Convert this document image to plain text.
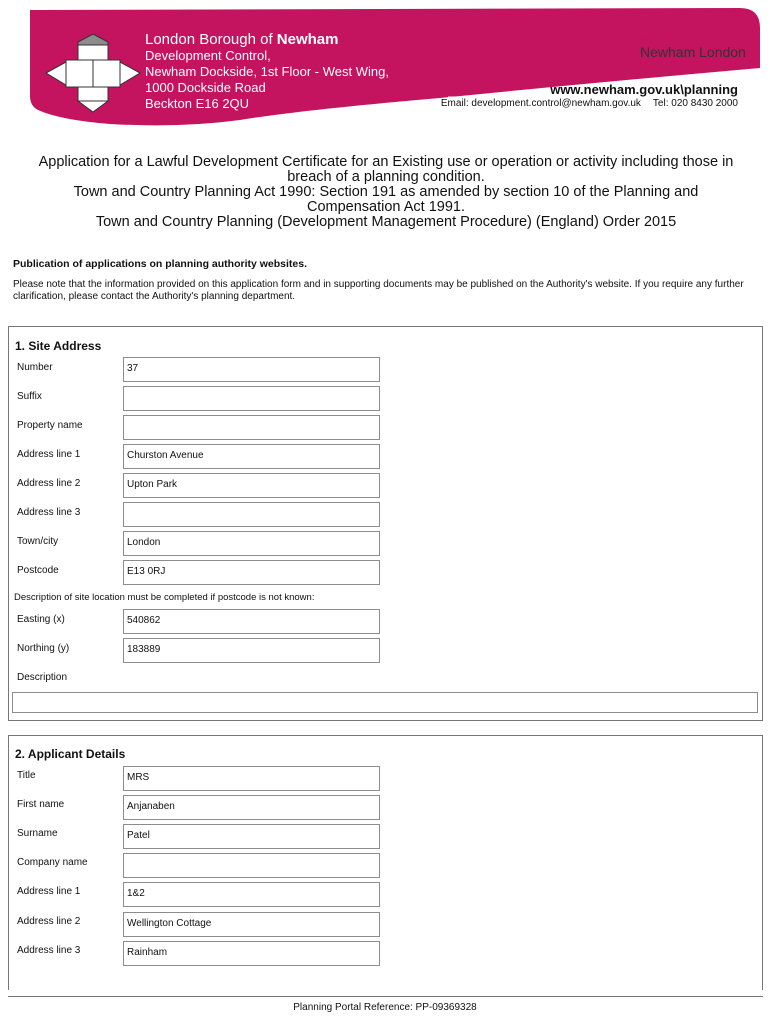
London Borough of Newham
Development Control,
Newham Dockside, 1st Floor - West Wing,
1000 Dockside Road
Beckton E16 2QU
Newham London
www.newham.gov.uk\planning
Email: development.control@newham.gov.uk Tel: 020 8430 2000
Application for a Lawful Development Certificate for an Existing use or operation or activity including those in
breach of a planning condition.
Town and Country Planning Act 1990: Section 191 as amended by section 10 of the Planning and
Compensation Act 1991.
Town and Country Planning (Development Management Procedure) (England) Order 2015
Publication of applications on planning authority websites.
Please note that the information provided on this application form and in supporting documents may be published on the Authority's website. If you require any further clarification, please contact the Authority's planning department.
1. Site Address
Number	37
Suffix
Property name
Address line 1	Churston Avenue
Address line 2	Upton Park
Address line 3
Town/city	London
Postcode	E13 0RJ
Description of site location must be completed if postcode is not known:
Easting (x)	540862
Northing (y)	183889
Description
2. Applicant Details
Title	MRS
First name	Anjanaben
Surname	Patel
Company name
Address line 1	1&2
Address line 2	Wellington Cottage
Address line 3	Rainham
Planning Portal Reference: PP-09369328
